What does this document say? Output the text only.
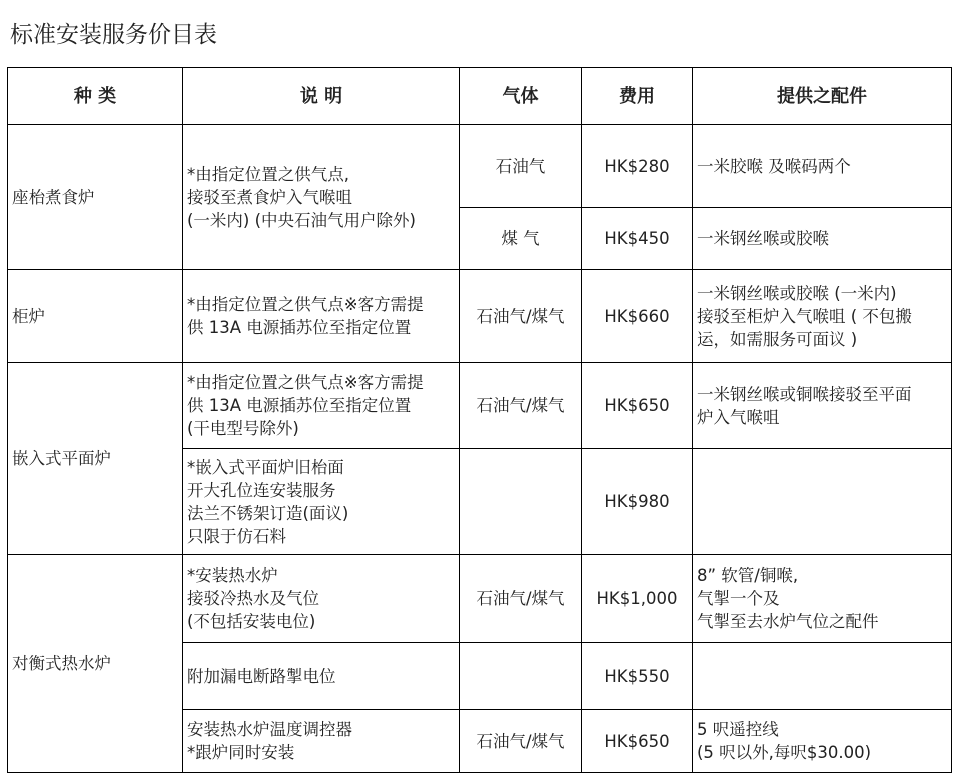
标准安装服务价目表
种 类	说 明	气体	费用	提供之配件
座枱煮食炉	*由指定位置之供气点,
接驳至煮食炉入气喉咀
(一米内) (中央石油气用户除外)	石油气	HK$280	一米胶喉 及喉码两个
		煤 气	HK$450	一米钢丝喉或胶喉
柜炉	*由指定位置之供气点※客方需提
供 13A 电源插苏位至指定位置	石油气/煤气	HK$660	一米钢丝喉或胶喉 (一米内)
接驳至柜炉入气喉咀 ( 不包搬
运，如需服务可面议 )
嵌入式平面炉	*由指定位置之供气点※客方需提
供 13A 电源插苏位至指定位置
(干电型号除外)	石油气/煤气	HK$650	一米钢丝喉或铜喉接驳至平面
炉入气喉咀
	*嵌入式平面炉旧枱面
开大孔位连安装服务
法兰不锈架订造(面议)
只限于仿石料		HK$980	
对衡式热水炉	*安装热水炉
接驳冷热水及气位
(不包括安装电位)	石油气/煤气	HK$1,000	8” 软管/铜喉,
气掣一个及
气掣至去水炉气位之配件
	附加漏电断路掣电位		HK$550	
	安装热水炉温度调控器
*跟炉同时安装	石油气/煤气	HK$650	5 呎遥控线
(5 呎以外,每呎$30.00)
